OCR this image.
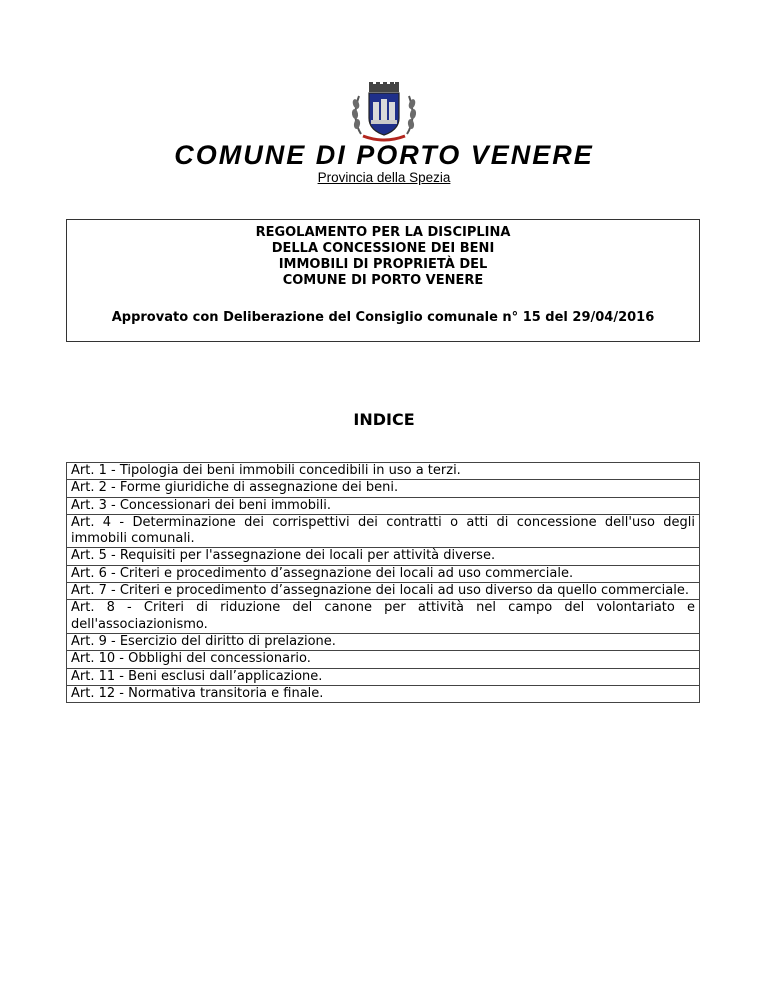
COMUNE DI PORTO VENERE
Provincia della Spezia
REGOLAMENTO PER LA DISCIPLINA
DELLA CONCESSIONE DEI BENI
IMMOBILI DI PROPRIETÀ DEL
COMUNE DI PORTO VENERE
Approvato con Deliberazione del Consiglio comunale n° 15 del 29/04/2016
INDICE
Art. 1 - Tipologia dei beni immobili concedibili in uso a terzi.
Art. 2 - Forme giuridiche di assegnazione dei beni.
Art. 3 - Concessionari dei beni immobili.
Art. 4 - Determinazione dei corrispettivi dei contratti o atti di concessione dell'uso degli immobili comunali.
Art. 5 - Requisiti per l'assegnazione dei locali per attività diverse.
Art. 6 - Criteri e procedimento d’assegnazione dei locali ad uso commerciale.
Art. 7 - Criteri e procedimento d’assegnazione dei locali ad uso diverso da quello commerciale.
Art. 8 - Criteri di riduzione del canone per attività nel campo del volontariato e dell'associazionismo.
Art. 9 - Esercizio del diritto di prelazione.
Art. 10 - Obblighi del concessionario.
Art. 11 - Beni esclusi dall’applicazione.
Art. 12 - Normativa transitoria e finale.
